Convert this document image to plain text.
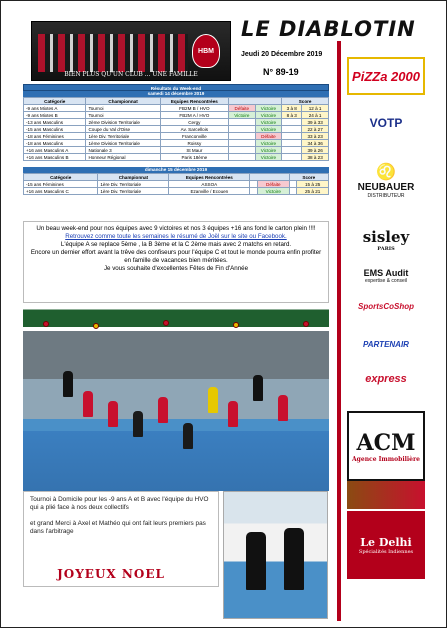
HBM
BIEN PLUS QU'UN CLUB ... UNE FAMILLE
LE DIABLOTIN
Jeudi 20 Décembre 2019
N° 89-19
Résultats du Week-end
samedi 14 décembre 2019
Catégorie	Championnat	Equipes Rencontrées			Score	
-9 ans Mixtes A	Tournoi	FB2M B / HVO	Défaite	Victoire	3 à 8	12 à 1
-9 ans Mixtes B	Tournoi	FB2M A / HVO	Victoire	Victoire	8 à 3	24 à 1
-13 ans Masculins	2ème Division Territoriale	Cergy		Victoire		39 à 33
-15 ans Masculins	Coupe du Val d'Oise	Av. Sarcellois		Victoire		22 à 27
-18 ans Féminines	1ère Div. Territoriale	Franconville		Défaite		33 à 23
-18 ans Masculins	1ème Division Territoriale	Roissy		Victoire		34 à 36
+16 ans Masculins A	Nationale 3	St Maur		Victoire		39 à 26
+16 ans Masculins B	Honneur Régional	Paris 18ème		Victoire		38 à 23
dimanche 15 décembre 2019
Catégorie	Championnat	Equipes Rencontrées			Score	
-15 ans Féminines	1ère Div. Territoriale	ASSOA		Défaite		15 à 25
+16 ans Masculins C	1ère Div. Territoriale	Ezanville / Ecouen		Victoire		25 à 21
Un beau week-end pour nos équipes avec 9 victoires et nos 3 équipes +16 ans fond le carton plein !!!! Retrouvez comme toute les semaines le résumé de Joël sur le site ou Facebook.
L'équipe A se replace 5ème , la B 3ème et la C 2ème mais avec 2 matchs en retard.
Encore un dernier effort avant la trêve des confiseurs pour l'équipe C et tout le monde pourra enfin profiter en famille de vacances bien méritées.
Je vous souhaite d'excellentes Fêtes de Fin d'Année

Tournoi à Domicile pour les -9 ans A et B avec l'équipe du HVO qui a plié face à nos deux collectifs

et grand Merci à Axel et Mathéo qui ont fait leurs premiers pas dans l'arbitrage

JOYEUX NOEL
PiZZa 2000
VOTP
♌
NEUBAUER
DISTRIBUTEUR
sisley
PARIS
EMS Audit
expertise & conseil
SportsCoShop
PARTENAIR
express
ACM
Agence Immobilière
Le Delhi
Spécialités Indiennes
